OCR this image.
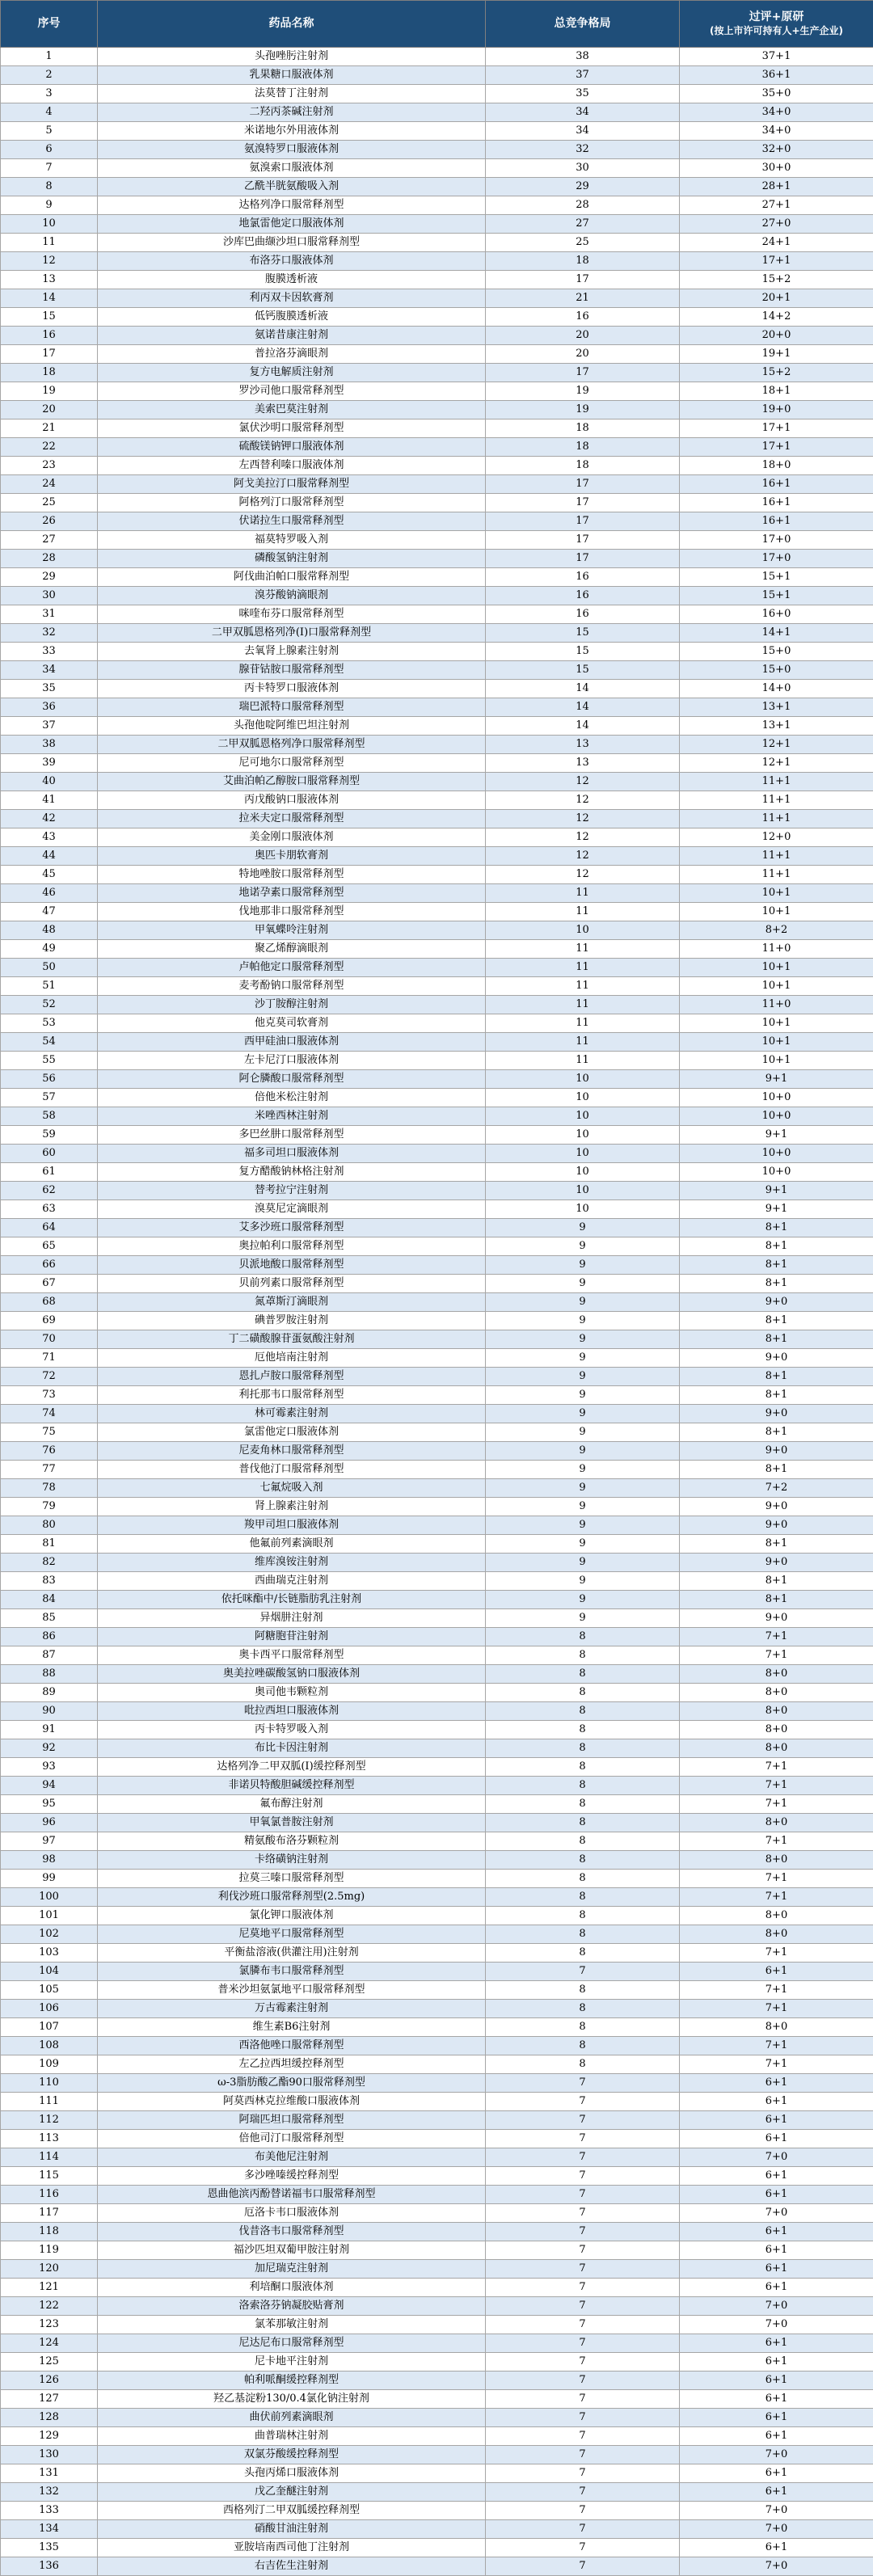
序号	药品名称	总竞争格局	过评+原研
(按上市许可持有人+生产企业)

1	头孢唑肟注射剂	38	37+1
2	乳果糖口服液体剂	37	36+1
3	法莫替丁注射剂	35	35+0
4	二羟丙茶碱注射剂	34	34+0
5	米诺地尔外用液体剂	34	34+0
6	氨溴特罗口服液体剂	32	32+0
7	氨溴索口服液体剂	30	30+0
8	乙酰半胱氨酸吸入剂	29	28+1
9	达格列净口服常释剂型	28	27+1
10	地氯雷他定口服液体剂	27	27+0
11	沙库巴曲缬沙坦口服常释剂型	25	24+1
12	布洛芬口服液体剂	18	17+1
13	腹膜透析液	17	15+2
14	利丙双卡因软膏剂	21	20+1
15	低钙腹膜透析液	16	14+2
16	氨诺昔康注射剂	20	20+0
17	普拉洛芬滴眼剂	20	19+1
18	复方电解质注射剂	17	15+2
19	罗沙司他口服常释剂型	19	18+1
20	美索巴莫注射剂	19	19+0
21	氯伏沙明口服常释剂型	18	17+1
22	硫酸镁钠钾口服液体剂	18	17+1
23	左西替利嗪口服液体剂	18	18+0
24	阿戈美拉汀口服常释剂型	17	16+1
25	阿格列汀口服常释剂型	17	16+1
26	伏诺拉生口服常释剂型	17	16+1
27	福莫特罗吸入剂	17	17+0
28	磷酸氢钠注射剂	17	17+0
29	阿伐曲泊帕口服常释剂型	16	15+1
30	溴芬酸钠滴眼剂	16	15+1
31	咪喹布芬口服常释剂型	16	16+0
32	二甲双胍恩格列净(Ⅰ)口服常释剂型	15	14+1
33	去氧肾上腺素注射剂	15	15+0
34	腺苷钴胺口服常释剂型	15	15+0
35	丙卡特罗口服液体剂	14	14+0
36	瑞巴派特口服常释剂型	14	13+1
37	头孢他啶阿维巴坦注射剂	14	13+1
38	二甲双胍恩格列净口服常释剂型	13	12+1
39	尼可地尔口服常释剂型	13	12+1
40	艾曲泊帕乙醇胺口服常释剂型	12	11+1
41	丙戊酸钠口服液体剂	12	11+1
42	拉米夫定口服常释剂型	12	11+1
43	美金刚口服液体剂	12	12+0
44	奥匹卡朋软膏剂	12	11+1
45	特地唑胺口服常释剂型	12	11+1
46	地诺孕素口服常释剂型	11	10+1
47	伐地那非口服常释剂型	11	10+1
48	甲氧蝶呤注射剂	10	8+2
49	聚乙烯醇滴眼剂	11	11+0
50	卢帕他定口服常释剂型	11	10+1
51	麦考酚钠口服常释剂型	11	10+1
52	沙丁胺醇注射剂	11	11+0
53	他克莫司软膏剂	11	10+1
54	西甲硅油口服液体剂	11	10+1
55	左卡尼汀口服液体剂	11	10+1
56	阿仑膦酸口服常释剂型	10	9+1
57	倍他米松注射剂	10	10+0
58	米唑西林注射剂	10	10+0
59	多巴丝肼口服常释剂型	10	9+1
60	福多司坦口服液体剂	10	10+0
61	复方醋酸钠林格注射剂	10	10+0
62	替考拉宁注射剂	10	9+1
63	溴莫尼定滴眼剂	10	9+1
64	艾多沙班口服常释剂型	9	8+1
65	奥拉帕利口服常释剂型	9	8+1
66	贝派地酸口服常释剂型	9	8+1
67	贝前列素口服常释剂型	9	8+1
68	氮䓬斯汀滴眼剂	9	9+0
69	碘普罗胺注射剂	9	8+1
70	丁二磺酸腺苷蛋氨酸注射剂	9	8+1
71	厄他培南注射剂	9	9+0
72	恩扎卢胺口服常释剂型	9	8+1
73	利托那韦口服常释剂型	9	8+1
74	林可霉素注射剂	9	9+0
75	氯雷他定口服液体剂	9	8+1
76	尼麦角林口服常释剂型	9	9+0
77	普伐他汀口服常释剂型	9	8+1
78	七氟烷吸入剂	9	7+2
79	肾上腺素注射剂	9	9+0
80	羧甲司坦口服液体剂	9	9+0
81	他氟前列素滴眼剂	9	8+1
82	维库溴铵注射剂	9	9+0
83	西曲瑞克注射剂	9	8+1
84	依托咪酯中/长链脂肪乳注射剂	9	8+1
85	异烟肼注射剂	9	9+0
86	阿糖胞苷注射剂	8	7+1
87	奥卡西平口服常释剂型	8	7+1
88	奥美拉唑碳酸氢钠口服液体剂	8	8+0
89	奥司他韦颗粒剂	8	8+0
90	吡拉西坦口服液体剂	8	8+0
91	丙卡特罗吸入剂	8	8+0
92	布比卡因注射剂	8	8+0
93	达格列净二甲双胍(Ⅰ)缓控释剂型	8	7+1
94	非诺贝特酸胆碱缓控释剂型	8	7+1
95	氟布醇注射剂	8	7+1
96	甲氧氯普胺注射剂	8	8+0
97	精氨酸布洛芬颗粒剂	8	7+1
98	卡络磺钠注射剂	8	8+0
99	拉莫三嗪口服常释剂型	8	7+1
100	利伐沙班口服常释剂型(2.5mg)	8	7+1
101	氯化钾口服液体剂	8	8+0
102	尼莫地平口服常释剂型	8	8+0
103	平衡盐溶液(供灌注用)注射剂	8	7+1
104	氯膦布韦口服常释剂型	7	6+1
105	普米沙坦氨氯地平口服常释剂型	8	7+1
106	万古霉素注射剂	8	7+1
107	维生素B6注射剂	8	8+0
108	西洛他唑口服常释剂型	8	7+1
109	左乙拉西坦缓控释剂型	8	7+1
110	ω-3脂肪酸乙酯90口服常释剂型	7	6+1
111	阿莫西林克拉维酸口服液体剂	7	6+1
112	阿瑞匹坦口服常释剂型	7	6+1
113	倍他司汀口服常释剂型	7	6+1
114	布美他尼注射剂	7	7+0
115	多沙唑嗪缓控释剂型	7	6+1
116	恩曲他滨丙酚替诺福韦口服常释剂型	7	6+1
117	厄洛卡韦口服液体剂	7	7+0
118	伐昔洛韦口服常释剂型	7	6+1
119	福沙匹坦双葡甲胺注射剂	7	6+1
120	加尼瑞克注射剂	7	6+1
121	利培酮口服液体剂	7	6+1
122	洛索洛芬钠凝胶贴膏剂	7	7+0
123	氯苯那敏注射剂	7	7+0
124	尼达尼布口服常释剂型	7	6+1
125	尼卡地平注射剂	7	6+1
126	帕利哌酮缓控释剂型	7	6+1
127	羟乙基淀粉130/0.4氯化钠注射剂	7	6+1
128	曲伏前列素滴眼剂	7	6+1
129	曲普瑞林注射剂	7	6+1
130	双氯芬酸缓控释剂型	7	7+0
131	头孢丙烯口服液体剂	7	6+1
132	戊乙奎醚注射剂	7	6+1
133	西格列汀二甲双胍缓控释剂型	7	7+0
134	硝酸甘油注射剂	7	7+0
135	亚胺培南西司他丁注射剂	7	6+1
136	右吉佐生注射剂	7	7+0
